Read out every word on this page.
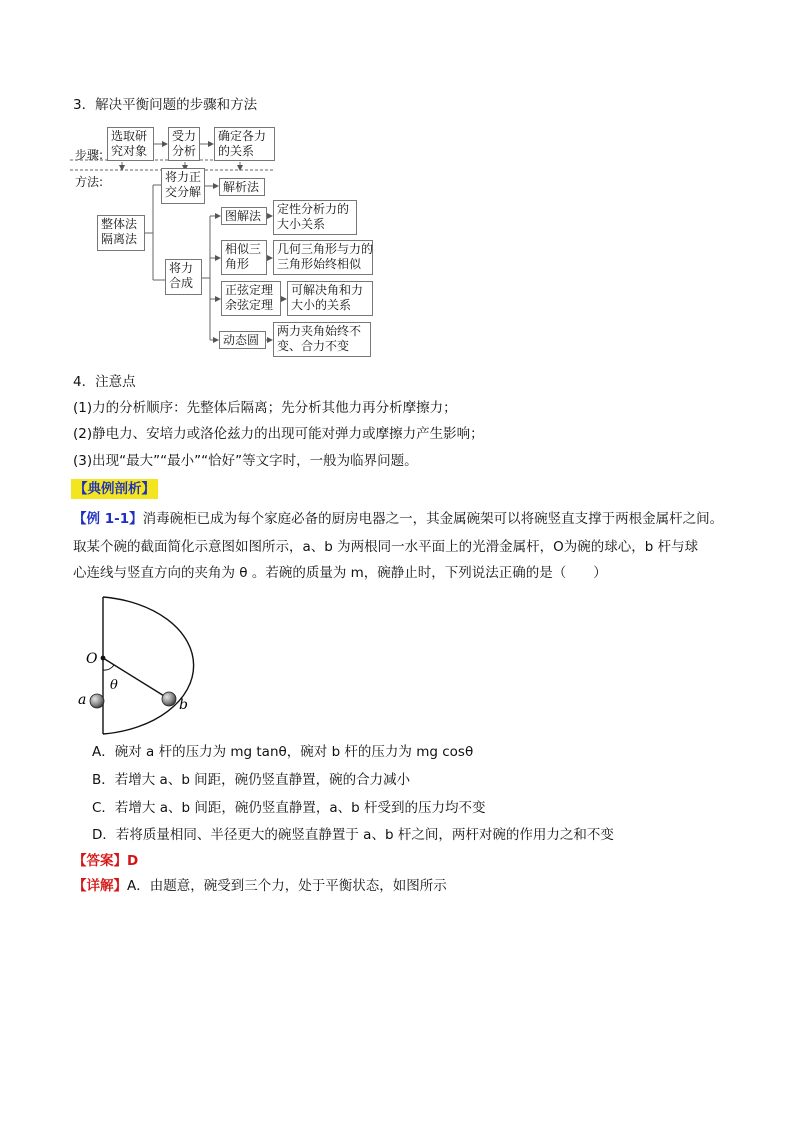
3．解决平衡问题的步骤和方法
步骤:
方法:
选取研
究对象
受力
分析
确定各力
的关系
整体法
隔离法
将力正
交分解	解析法
将力
合成
图解法	定性分析力的
大小关系
相似三
角形
几何三角形与力的
三角形始终相似
正弦定理
余弦定理
可解决角和力
大小的关系
动态圆
两力夹角始终不
变、合力不变
4．注意点
(1)力的分析顺序：先整体后隔离；先分析其他力再分析摩擦力；
(2)静电力、安培力或洛伦兹力的出现可能对弹力或摩擦力产生影响；
(3)出现“最大”“最小”“恰好”等文字时，一般为临界问题。
【典例剖析】
【例 1-1】消毒碗柜已成为每个家庭必备的厨房电器之一，其金属碗架可以将碗竖直支撑于两根金属杆之间。
取某个碗的截面简化示意图如图所示，a、b 为两根同一水平面上的光滑金属杆，O为碗的球心，b 杆与球
心连线与竖直方向的夹角为 θ 。若碗的质量为 m，碗静止时，下列说法正确的是（　　）
O
θ
a	b
A．碗对 a 杆的压力为 mg tanθ，碗对 b 杆的压力为 mg cosθ
B．若增大 a、b 间距，碗仍竖直静置，碗的合力减小
C．若增大 a、b 间距，碗仍竖直静置，a、b 杆受到的压力均不变
D．若将质量相同、半径更大的碗竖直静置于 a、b 杆之间，两杆对碗的作用力之和不变
【答案】D
【详解】A．由题意，碗受到三个力，处于平衡状态，如图所示
